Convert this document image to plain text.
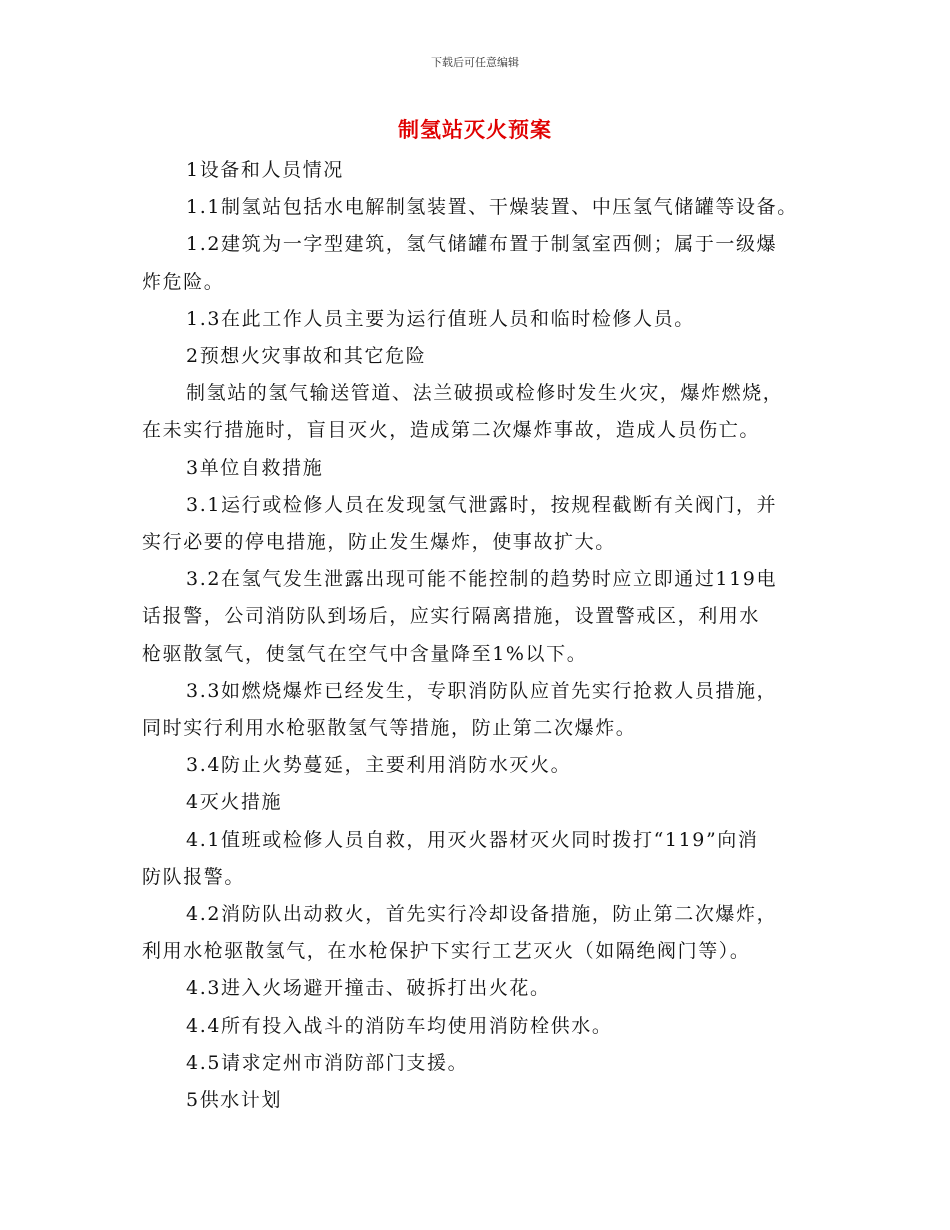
下载后可任意编辑
制氢站灭火预案
1设备和人员情况
1.1制氢站包括水电解制氢装置、干燥装置、中压氢气储罐等设备。
1.2建筑为一字型建筑，氢气储罐布置于制氢室西侧；属于一级爆
炸危险。
1.3在此工作人员主要为运行值班人员和临时检修人员。
2预想火灾事故和其它危险
制氢站的氢气输送管道、法兰破损或检修时发生火灾，爆炸燃烧，
在未实行措施时，盲目灭火，造成第二次爆炸事故，造成人员伤亡。
3单位自救措施
3.1运行或检修人员在发现氢气泄露时，按规程截断有关阀门，并
实行必要的停电措施，防止发生爆炸，使事故扩大。
3.2在氢气发生泄露出现可能不能控制的趋势时应立即通过119电
话报警，公司消防队到场后，应实行隔离措施，设置警戒区，利用水
枪驱散氢气，使氢气在空气中含量降至1%以下。
3.3如燃烧爆炸已经发生，专职消防队应首先实行抢救人员措施，
同时实行利用水枪驱散氢气等措施，防止第二次爆炸。
3.4防止火势蔓延，主要利用消防水灭火。
4灭火措施
4.1值班或检修人员自救，用灭火器材灭火同时拨打“119”向消
防队报警。
4.2消防队出动救火，首先实行冷却设备措施，防止第二次爆炸，
利用水枪驱散氢气，在水枪保护下实行工艺灭火（如隔绝阀门等）。
4.3进入火场避开撞击、破拆打出火花。
4.4所有投入战斗的消防车均使用消防栓供水。
4.5请求定州市消防部门支援。
5供水计划
